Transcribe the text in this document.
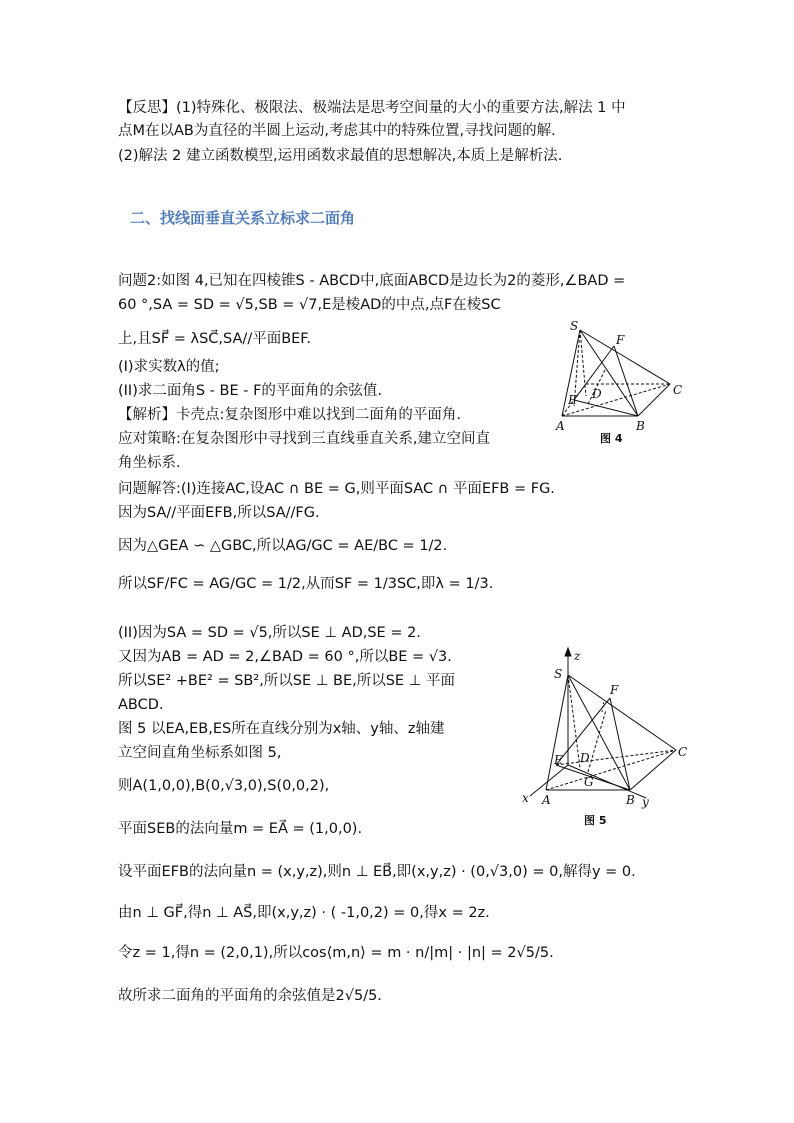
【反思】(1)特殊化、极限法、极端法是思考空间量的大小的重要方法,解法 1 中
点M在以AB为直径的半圆上运动,考虑其中的特殊位置,寻找问题的解.
(2)解法 2 建立函数模型,运用函数求最值的思想解决,本质上是解析法.
二、找线面垂直关系立标求二面角
问题2:如图 4,已知在四棱锥S - ABCD中,底面ABCD是边长为2的菱形,∠BAD =
60 °,SA = SD = √5,SB = √7,E是棱AD的中点,点F在棱SC
上,且SF⃗ = λSC⃗,SA//平面BEF.
(I)求实数λ的值;
(II)求二面角S - BE - F的平面角的余弦值.
【解析】卡壳点:复杂图形中难以找到二面角的平面角.
应对策略:在复杂图形中寻找到三直线垂直关系,建立空间直
角坐标系.
问题解答:(I)连接AC,设AC ∩ BE = G,则平面SAC ∩ 平面EFB = FG.
因为SA//平面EFB,所以SA//FG.
因为△GEA ∽ △GBC,所以AG/GC = AE/BC = 1/2.
所以SF/FC = AG/GC = 1/2,从而SF = 1/3SC,即λ = 1/3.
(II)因为SA = SD = √5,所以SE ⊥ AD,SE = 2.
又因为AB = AD = 2,∠BAD = 60 °,所以BE = √3.
所以SE² +BE² = SB²,所以SE ⊥ BE,所以SE ⊥ 平面
ABCD.
图 5 以EA,EB,ES所在直线分别为x轴、y轴、z轴建
立空间直角坐标系如图 5,
则A(1,0,0),B(0,√3,0),S(0,0,2),
平面SEB的法向量m = EA⃗ = (1,0,0).
设平面EFB的法向量n = (x,y,z),则n ⊥ EB⃗,即(x,y,z) · (0,√3,0) = 0,解得y = 0.
由n ⊥ GF⃗,得n ⊥ AS⃗,即(x,y,z) · ( -1,0,2) = 0,得x = 2z.
令z = 1,得n = (2,0,1),所以cos⟨m,n⟩ = m · n/|m| · |n| = 2√5/5.
故所求二面角的平面角的余弦值是2√5/5.
S
F
C
E D
A	B
图 4
z
S
F
C
E D
G
A	B
x	y
图 5
